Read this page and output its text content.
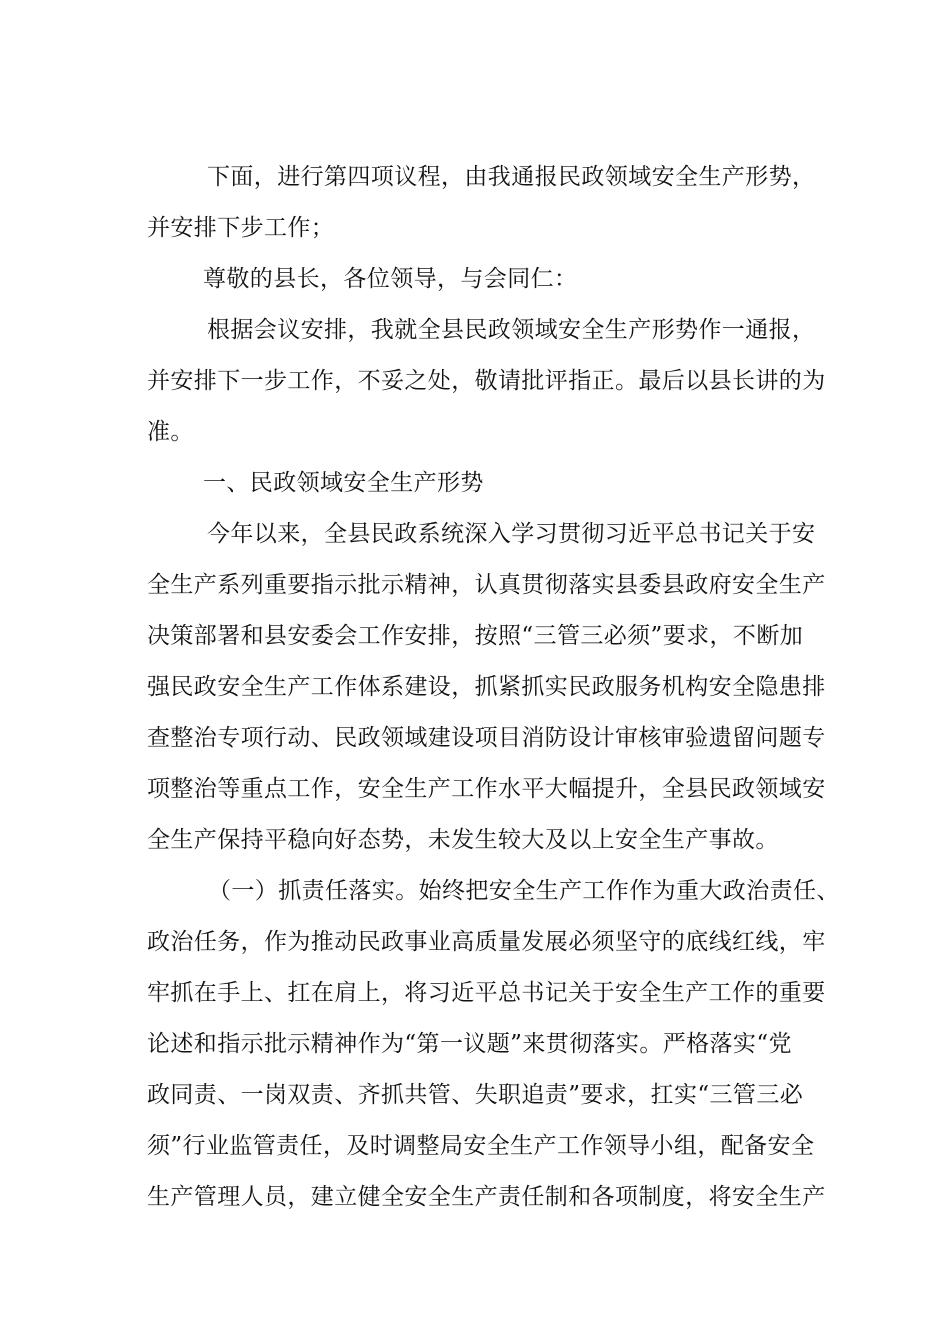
下面，进行第四项议程，由我通报民政领域安全生产形势，
并安排下步工作；
尊敬的县长，各位领导，与会同仁：
根据会议安排，我就全县民政领域安全生产形势作一通报，
并安排下一步工作，不妥之处，敬请批评指正。最后以县长讲的为
准。
一、民政领域安全生产形势
今年以来，全县民政系统深入学习贯彻习近平总书记关于安
全生产系列重要指示批示精神，认真贯彻落实县委县政府安全生产
决策部署和县安委会工作安排，按照“三管三必须”要求，不断加
强民政安全生产工作体系建设，抓紧抓实民政服务机构安全隐患排
查整治专项行动、民政领域建设项目消防设计审核审验遗留问题专
项整治等重点工作，安全生产工作水平大幅提升，全县民政领域安
全生产保持平稳向好态势，未发生较大及以上安全生产事故。
（一）抓责任落实。始终把安全生产工作作为重大政治责任、
政治任务，作为推动民政事业高质量发展必须坚守的底线红线，牢
牢抓在手上、扛在肩上，将习近平总书记关于安全生产工作的重要
论述和指示批示精神作为“第一议题”来贯彻落实。严格落实“党
政同责、一岗双责、齐抓共管、失职追责”要求，扛实“三管三必
须”行业监管责任，及时调整局安全生产工作领导小组，配备安全
生产管理人员，建立健全安全生产责任制和各项制度，将安全生产
